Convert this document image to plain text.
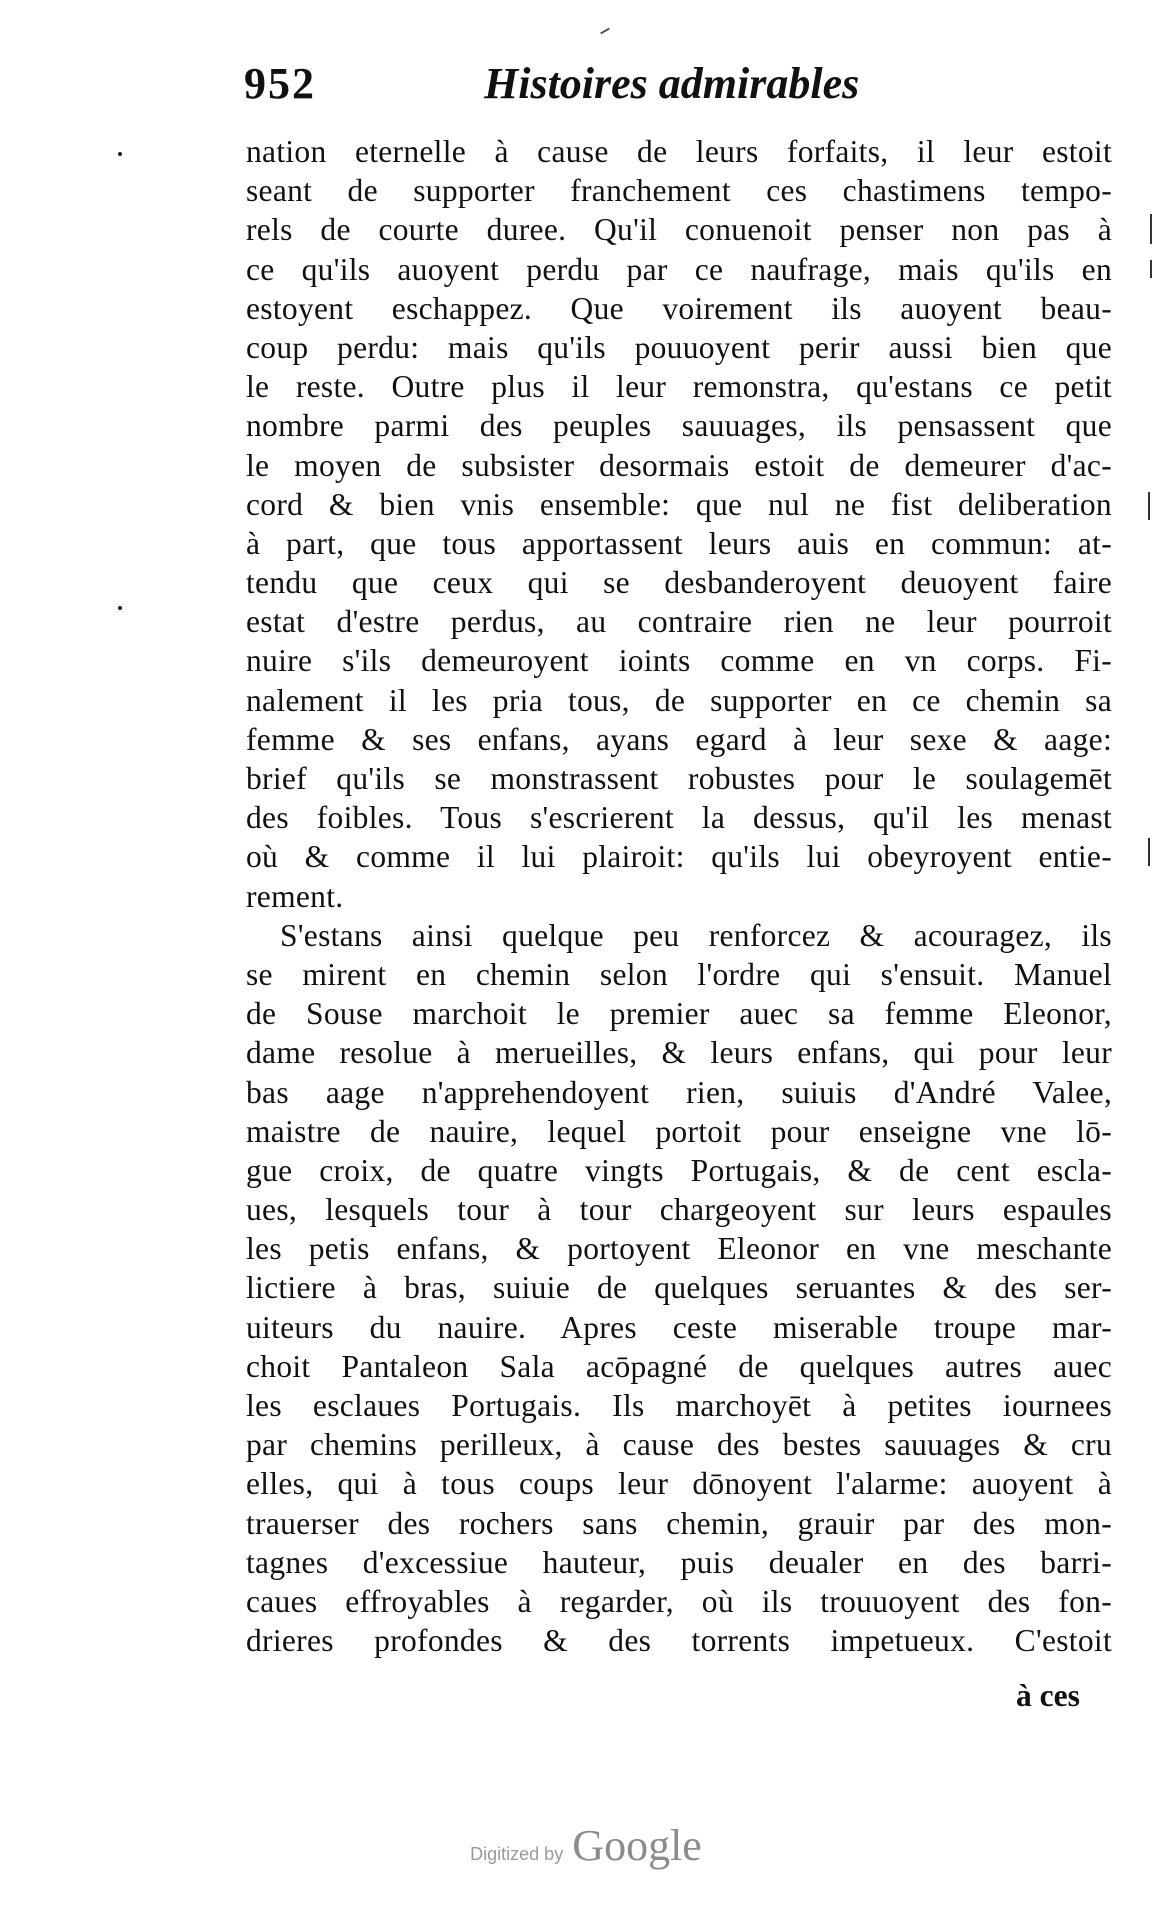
952	Histoires admirables
nation eternelle à cause de leurs forfaits, il leur estoit
seant de supporter franchement ces chastimens tempo-
rels de courte duree. Qu'il conuenoit penser non pas à
ce qu'ils auoyent perdu par ce naufrage, mais qu'ils en
estoyent eschappez. Que voirement ils auoyent beau-
coup perdu: mais qu'ils pouuoyent perir aussi bien que
le reste. Outre plus il leur remonstra, qu'estans ce petit
nombre parmi des peuples sauuages, ils pensassent que
le moyen de subsister desormais estoit de demeurer d'ac-
cord & bien vnis ensemble: que nul ne fist deliberation
à part, que tous apportassent leurs auis en commun: at-
tendu que ceux qui se desbanderoyent deuoyent faire
estat d'estre perdus, au contraire rien ne leur pourroit
nuire s'ils demeuroyent ioints comme en vn corps. Fi-
nalement il les pria tous, de supporter en ce chemin sa
femme & ses enfans, ayans egard à leur sexe & aage:
brief qu'ils se monstrassent robustes pour le soulagemēt
des foibles. Tous s'escrierent la dessus, qu'il les menast
où & comme il lui plairoit: qu'ils lui obeyroyent entie-
rement.
S'estans ainsi quelque peu renforcez & acouragez, ils
se mirent en chemin selon l'ordre qui s'ensuit. Manuel
de Souse marchoit le premier auec sa femme Eleonor,
dame resolue à merueilles, & leurs enfans, qui pour leur
bas aage n'apprehendoyent rien, suiuis d'André Valee,
maistre de nauire, lequel portoit pour enseigne vne lō-
gue croix, de quatre vingts Portugais, & de cent escla-
ues, lesquels tour à tour chargeoyent sur leurs espaules
les petis enfans, & portoyent Eleonor en vne meschante
lictiere à bras, suiuie de quelques seruantes & des ser-
uiteurs du nauire. Apres ceste miserable troupe mar-
choit Pantaleon Sala acōpagné de quelques autres auec
les esclaues Portugais. Ils marchoyēt à petites iournees
par chemins perilleux, à cause des bestes sauuages & cru
elles, qui à tous coups leur dōnoyent l'alarme: auoyent à
trauerser des rochers sans chemin, grauir par des mon-
tagnes d'excessiue hauteur, puis deualer en des barri-
caues effroyables à regarder, où ils trouuoyent des fon-
drieres profondes & des torrents impetueux. C'estoit
à ces
Digitized by Google
